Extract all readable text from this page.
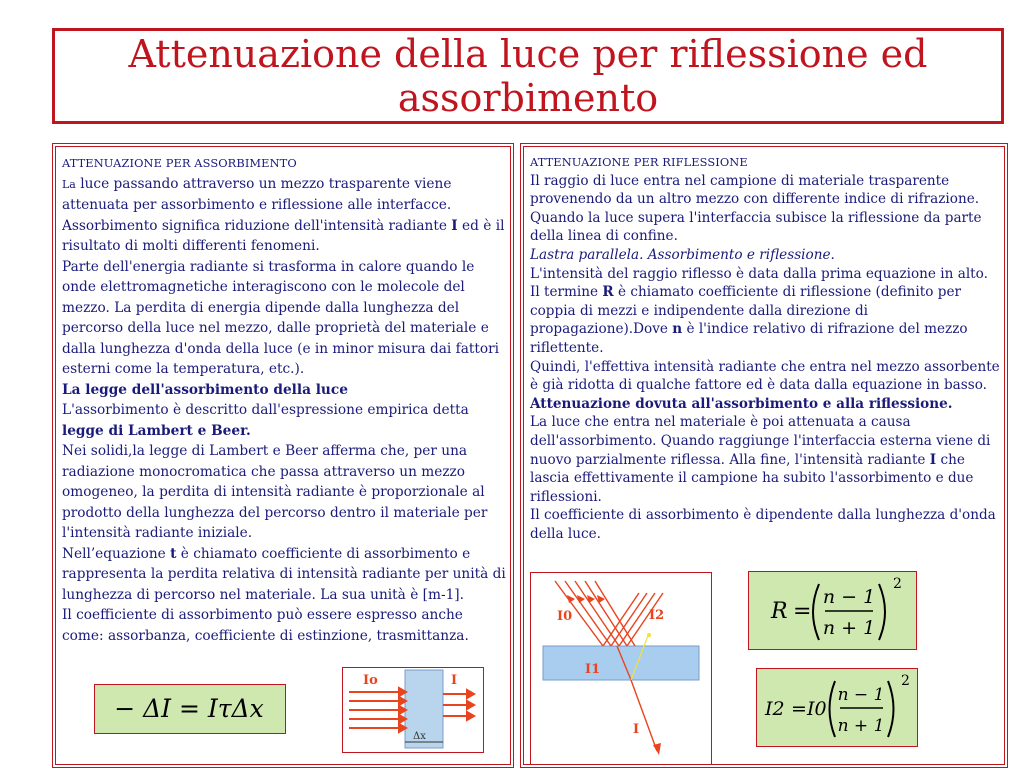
Attenuazione della luce per riflessione ed assorbimento

ATTENUAZIONE PER ASSORBIMENTO

La luce passando attraverso un mezzo trasparente viene attenuata per assorbimento e riflessione alle interfacce.

Assorbimento significa riduzione dell'intensità radiante I ed è il risultato di molti differenti fenomeni.

Parte dell'energia radiante si trasforma in calore quando le onde elettromagnetiche interagiscono con le molecole del mezzo. La perdita di energia dipende dalla lunghezza del percorso della luce nel mezzo, dalle proprietà del materiale e dalla lunghezza d'onda della luce (e in minor misura dai fattori esterni come la temperatura, etc.).

La legge dell'assorbimento della luce

L'assorbimento è descritto dall'espressione empirica detta legge di Lambert e Beer.

Nei solidi,la legge di Lambert e Beer afferma che, per una radiazione monocromatica che passa attraverso un mezzo omogeneo, la perdita di intensità radiante è proporzionale al prodotto della lunghezza del percorso dentro il materiale per l'intensità radiante iniziale.

Nell’equazione t è chiamato coefficiente di assorbimento e rappresenta la perdita relativa di intensità radiante per unità di lunghezza di percorso nel materiale. La sua unità è [m-1].

Il coefficiente di assorbimento può essere espresso anche come: assorbanza, coefficiente di estinzione, trasmittanza.

− ΔI = IτΔx
Io	I
Δx

ATTENUAZIONE PER RIFLESSIONE

Il raggio di luce entra nel campione di materiale trasparente provenendo da un altro mezzo con differente indice di rifrazione. Quando la luce supera l'interfaccia subisce la riflessione da parte della linea di confine.

Lastra parallela. Assorbimento e riflessione.

L'intensità del raggio riflesso è data dalla prima equazione in alto. Il termine R è chiamato coefficiente di riflessione (definito per coppia di mezzi e indipendente dalla direzione di propagazione).Dove n è l'indice relativo di rifrazione del mezzo riflettente.

Quindi, l'effettiva intensità radiante che entra nel mezzo assorbente è già ridotta di qualche fattore ed è data dalla equazione in basso.

Attenuazione dovuta all'assorbimento e alla riflessione.

La luce che entra nel materiale è poi attenuata a causa dell'assorbimento. Quando raggiunge l'interfaccia esterna viene di nuovo parzialmente riflessa. Alla fine, l'intensità radiante I che lascia effettivamente il campione ha subito l'assorbimento e due riflessioni.

Il coefficiente di assorbimento è dipendente dalla lunghezza d'onda della luce.

I0	I2
I1
I
R =
n − 1
n + 1
2
I2 = I0
n − 1
n + 1
2
